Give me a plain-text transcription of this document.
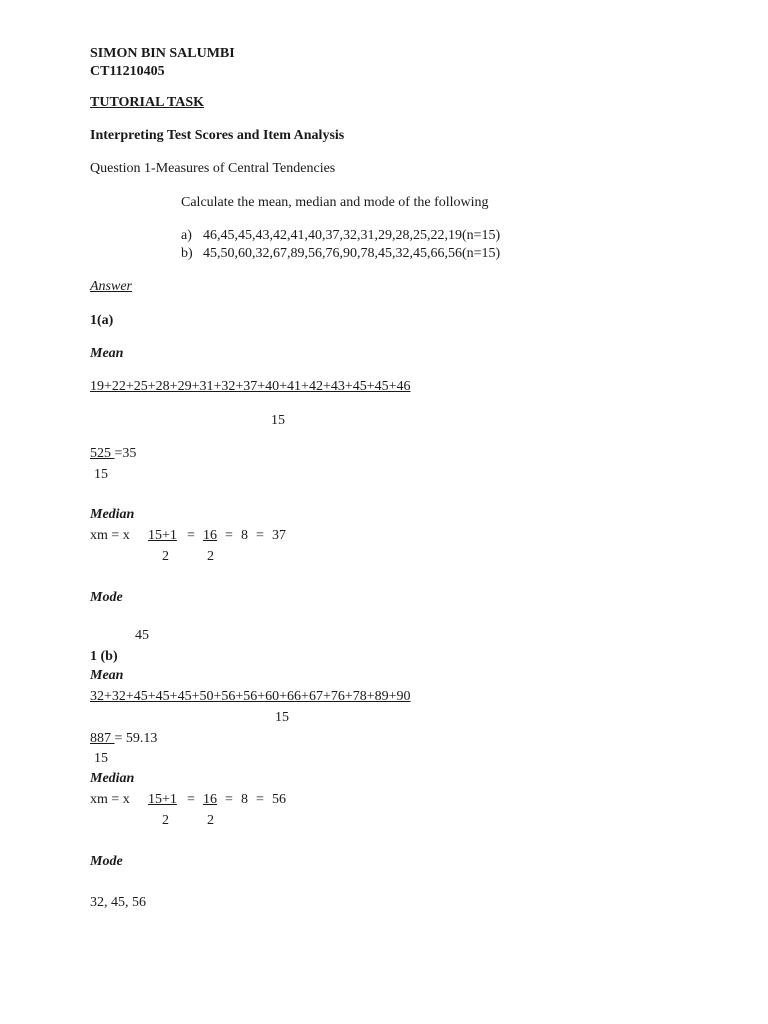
SIMON BIN SALUMBI
CT11210405
TUTORIAL TASK
Interpreting Test Scores and Item Analysis
Question 1-Measures of Central Tendencies
Calculate the mean, median and mode of the following
a) 46,45,45,43,42,41,40,37,32,31,29,28,25,22,19(n=15)
b) 45,50,60,32,67,89,56,76,90,78,45,32,45,66,56(n=15)
Answer
1(a)
Mean
19+22+25+28+29+31+32+37+40+41+42+43+45+45+46
15
525 =35
15
Median
xm = x 15+1 = 16 = 8 = 37
2	2
Mode
45
1 (b)
Mean
32+32+45+45+45+50+56+56+60+66+67+76+78+89+90
15
887 = 59.13
15
Median
xm = x 15+1 = 16 = 8 = 56
2	2
Mode
32, 45, 56
